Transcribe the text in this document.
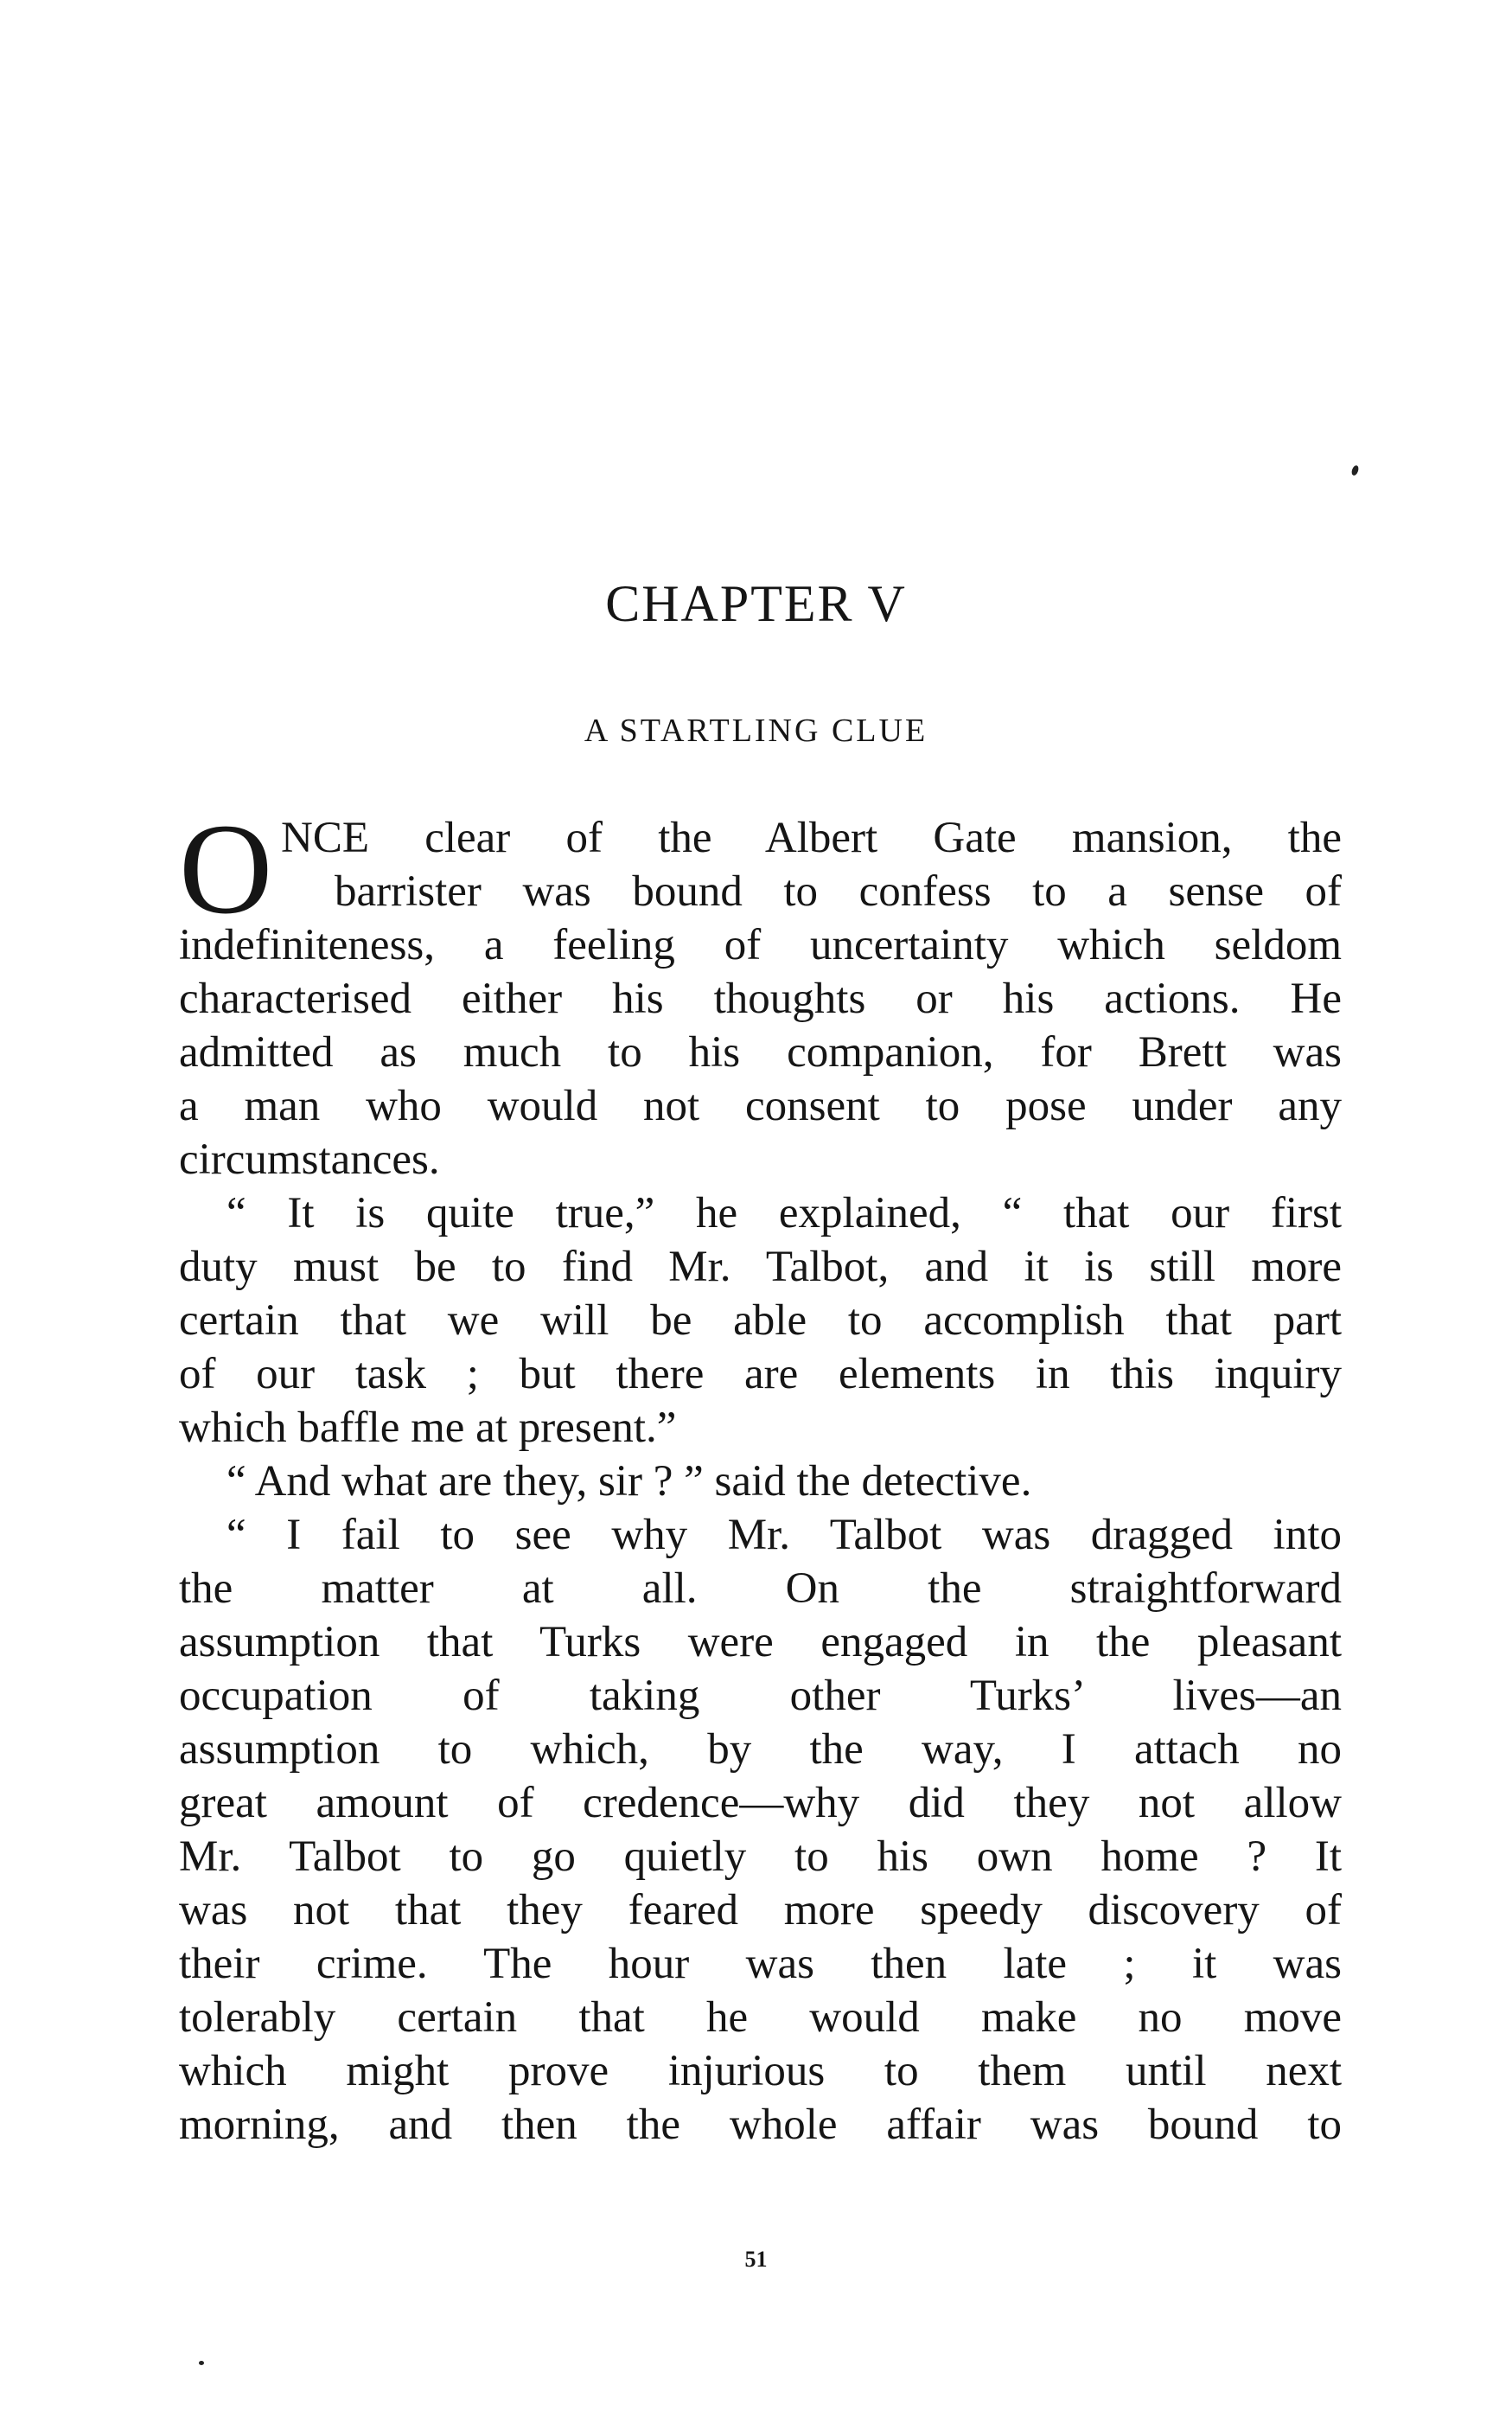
CHAPTER V
A STARTLING CLUE
O NCE clear of the Albert Gate mansion, the
barrister was bound to confess to a sense of
indefiniteness, a feeling of uncertainty which seldom
characterised either his thoughts or his actions. He
admitted as much to his companion, for Brett was
a man who would not consent to pose under any
circumstances.
“ It is quite true,” he explained, “ that our first
duty must be to find Mr. Talbot, and it is still more
certain that we will be able to accomplish that part
of our task ; but there are elements in this inquiry
which baffle me at present.”
“ And what are they, sir ? ” said the detective.
“ I fail to see why Mr. Talbot was dragged into
the matter at all. On the straightforward
assumption that Turks were engaged in the pleasant
occupation of taking other Turks’ lives—an
assumption to which, by the way, I attach no
great amount of credence—why did they not allow
Mr. Talbot to go quietly to his own home ? It
was not that they feared more speedy discovery of
their crime. The hour was then late ; it was
tolerably certain that he would make no move
which might prove injurious to them until next
morning, and then the whole affair was bound to
51
